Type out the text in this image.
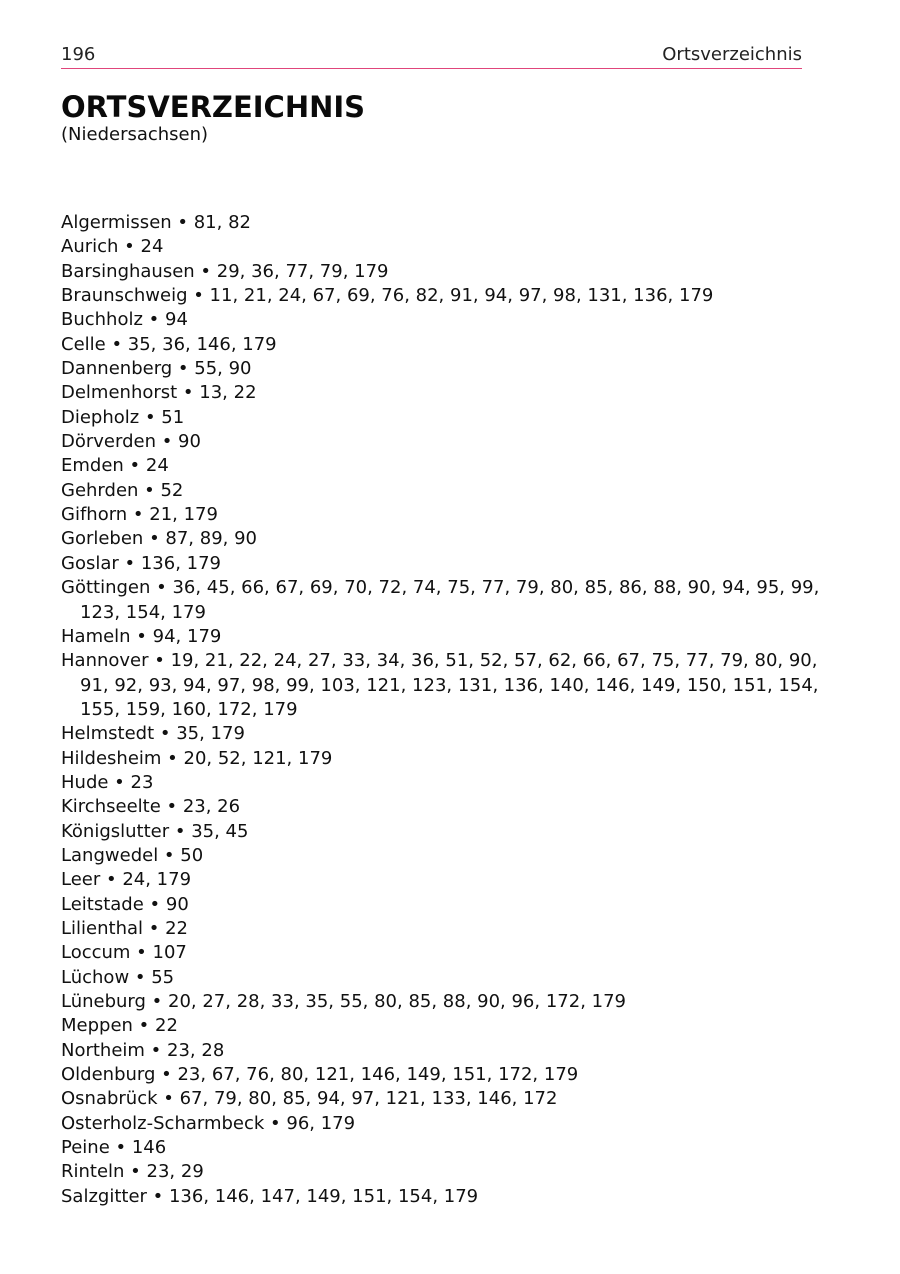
196	Ortsverzeichnis
ORTSVERZEICHNIS
(Niedersachsen)
Algermissen • 81, 82
Aurich • 24
Barsinghausen • 29, 36, 77, 79, 179
Braunschweig • 11, 21, 24, 67, 69, 76, 82, 91, 94, 97, 98, 131, 136, 179
Buchholz • 94
Celle • 35, 36, 146, 179
Dannenberg • 55, 90
Delmenhorst • 13, 22
Diepholz • 51
Dörverden • 90
Emden • 24
Gehrden • 52
Gifhorn • 21, 179
Gorleben • 87, 89, 90
Goslar • 136, 179
Göttingen • 36, 45, 66, 67, 69, 70, 72, 74, 75, 77, 79, 80, 85, 86, 88, 90, 94, 95, 99, 123, 154, 179
Hameln • 94, 179
Hannover • 19, 21, 22, 24, 27, 33, 34, 36, 51, 52, 57, 62, 66, 67, 75, 77, 79, 80, 90, 91, 92, 93, 94, 97, 98, 99, 103, 121, 123, 131, 136, 140, 146, 149, 150, 151, 154, 155, 159, 160, 172, 179
Helmstedt • 35, 179
Hildesheim • 20, 52, 121, 179
Hude • 23
Kirchseelte • 23, 26
Königslutter • 35, 45
Langwedel • 50
Leer • 24, 179
Leitstade • 90
Lilienthal • 22
Loccum • 107
Lüchow • 55
Lüneburg • 20, 27, 28, 33, 35, 55, 80, 85, 88, 90, 96, 172, 179
Meppen • 22
Northeim • 23, 28
Oldenburg • 23, 67, 76, 80, 121, 146, 149, 151, 172, 179
Osnabrück • 67, 79, 80, 85, 94, 97, 121, 133, 146, 172
Osterholz-Scharmbeck • 96, 179
Peine • 146
Rinteln • 23, 29
Salzgitter • 136, 146, 147, 149, 151, 154, 179
